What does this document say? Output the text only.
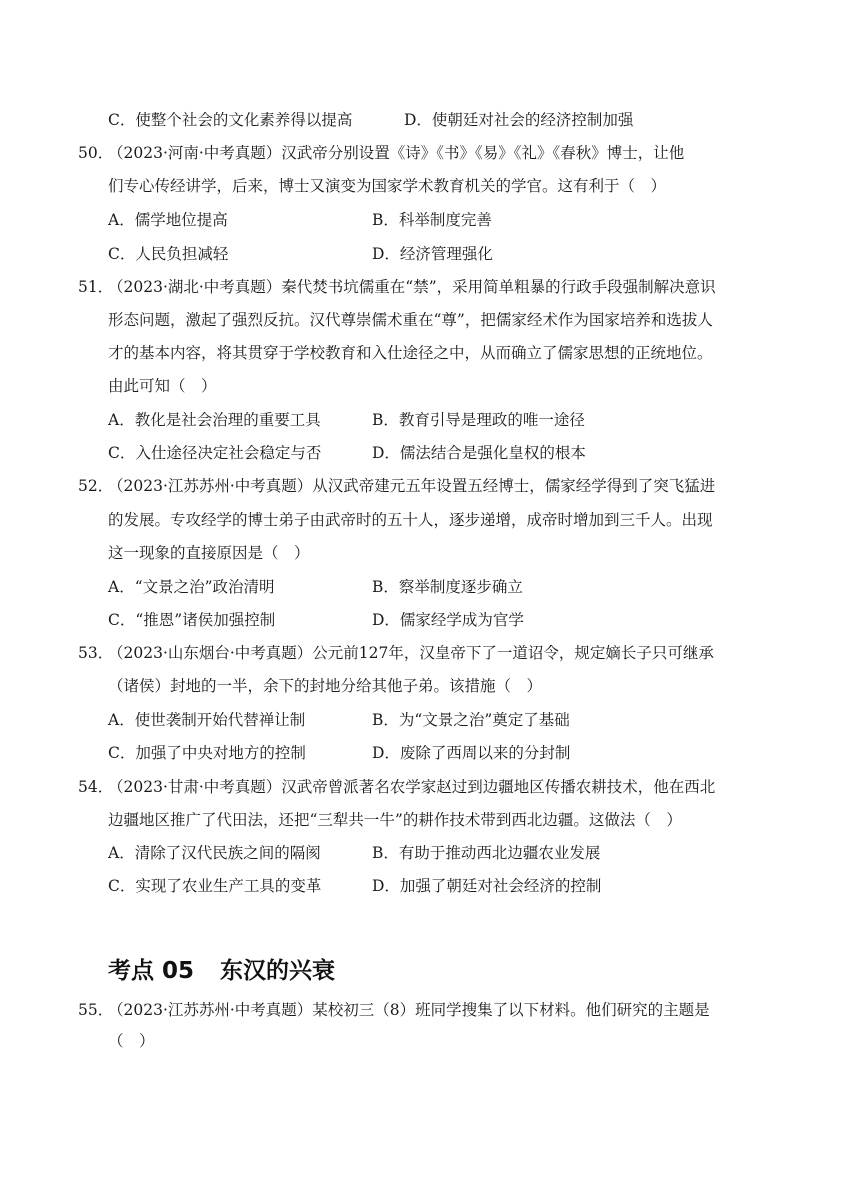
C．使整个社会的文化素养得以提高	D．使朝廷对社会的经济控制加强
50．
（2023·河南·中考真题）汉武帝分别设置《诗》《书》《易》《礼》《春秋》博士，让他
们专心传经讲学，后来，博士又演变为国家学术教育机关的学官。这有利于（　）
A．儒学地位提高	B．科举制度完善
C．人民负担减轻	D．经济管理强化
51．
（2023·湖北·中考真题）秦代焚书坑儒重在“禁”，采用简单粗暴的行政手段强制解决意识
形态问题，激起了强烈反抗。汉代尊崇儒术重在“尊”，把儒家经术作为国家培养和选拔人
才的基本内容，将其贯穿于学校教育和入仕途径之中，从而确立了儒家思想的正统地位。
由此可知（　）
A．教化是社会治理的重要工具	B．教育引导是理政的唯一途径
C．入仕途径决定社会稳定与否	D．儒法结合是强化皇权的根本
52．
（2023·江苏苏州·中考真题）从汉武帝建元五年设置五经博士，儒家经学得到了突飞猛进
的发展。专攻经学的博士弟子由武帝时的五十人，逐步递增，成帝时增加到三千人。出现
这一现象的直接原因是（　）
A．“文景之治”政治清明	B．察举制度逐步确立
C．“推恩”诸侯加强控制	D．儒家经学成为官学
53．
（2023·山东烟台·中考真题）公元前127年，汉皇帝下了一道诏令，规定嫡长子只可继承
（诸侯）封地的一半，余下的封地分给其他子弟。该措施（　）
A．使世袭制开始代替禅让制	B．为“文景之治”奠定了基础
C．加强了中央对地方的控制	D．废除了西周以来的分封制
54．
（2023·甘肃·中考真题）汉武帝曾派著名农学家赵过到边疆地区传播农耕技术，他在西北
边疆地区推广了代田法，还把“三犁共一牛”的耕作技术带到西北边疆。这做法（　）
A．清除了汉代民族之间的隔阂	B．有助于推动西北边疆农业发展
C．实现了农业生产工具的变革	D．加强了朝廷对社会经济的控制
考点 05 东汉的兴衰
55．
（2023·江苏苏州·中考真题）某校初三（8）班同学搜集了以下材料。他们研究的主题是
（　）
